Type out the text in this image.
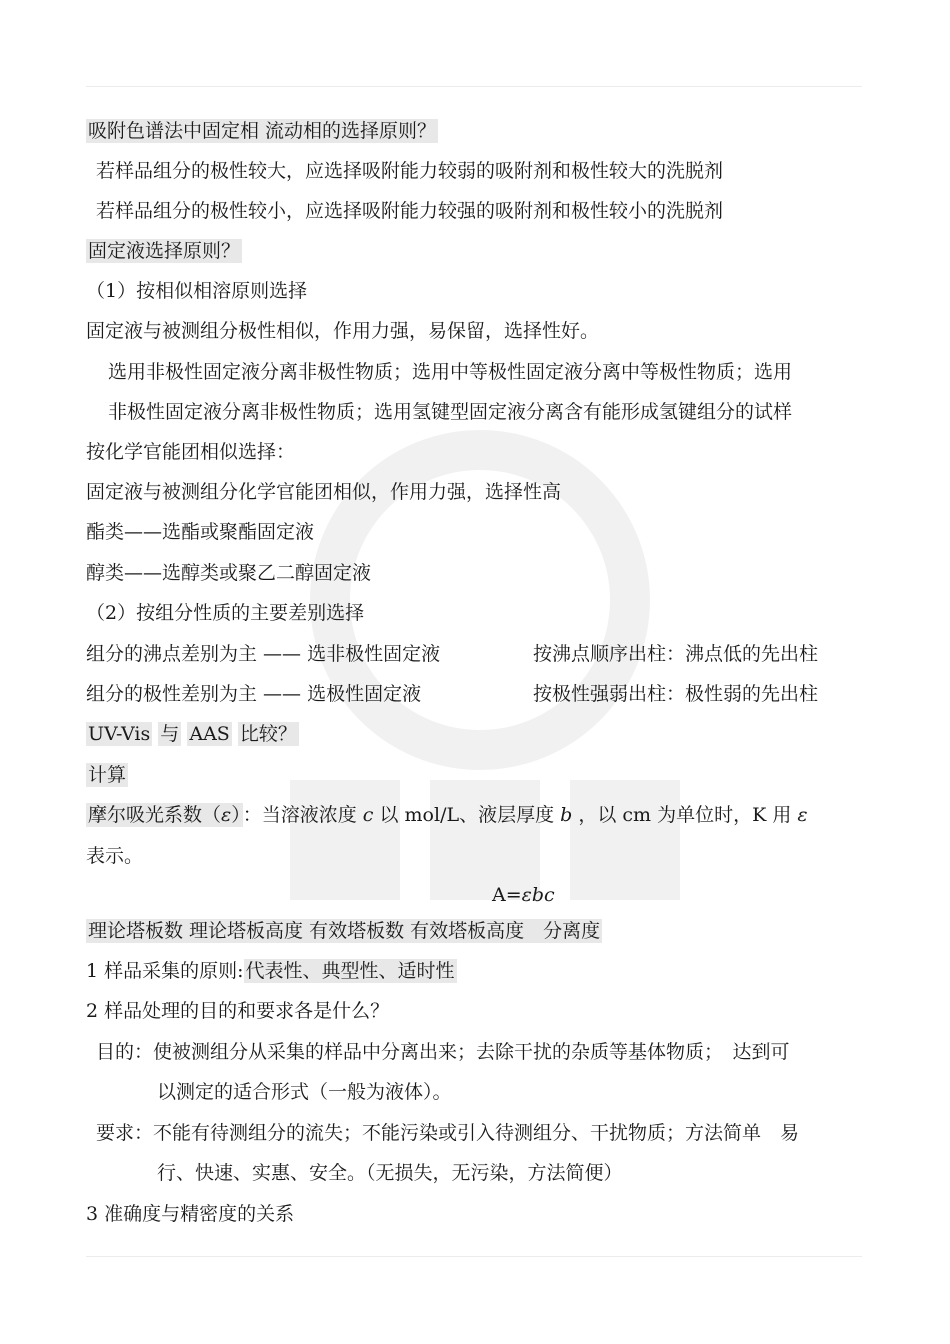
吸附色谱法中固定相 流动相的选择原则？
若样品组分的极性较大，应选择吸附能力较弱的吸附剂和极性较大的洗脱剂
若样品组分的极性较小，应选择吸附能力较强的吸附剂和极性较小的洗脱剂
固定液选择原则？
（1）按相似相溶原则选择
固定液与被测组分极性相似，作用力强，易保留，选择性好。
选用非极性固定液分离非极性物质；选用中等极性固定液分离中等极性物质；选用
非极性固定液分离非极性物质；选用氢键型固定液分离含有能形成氢键组分的试样
按化学官能团相似选择：
固定液与被测组分化学官能团相似，作用力强，选择性高
酯类——选酯或聚酯固定液
醇类——选醇类或聚乙二醇固定液
（2）按组分性质的主要差别选择
组分的沸点差别为主 —— 选非极性固定液	按沸点顺序出柱：沸点低的先出柱
组分的极性差别为主 —— 选极性固定液	按极性强弱出柱：极性弱的先出柱
UV-Vis 与 AAS 比较？
计算
摩尔吸光系数（ε） ：当溶液浓度 c 以 mol/L、液层厚度 b ，以 cm 为单位时，K 用 ε
表示。
A=εbc
理论塔板数 理论塔板高度 有效塔板数 有效塔板高度　分离度
1 样品采集的原则: 代表性、典型性、适时性
2 样品处理的目的和要求各是什么？
目的：使被测组分从采集的样品中分离出来；去除干扰的杂质等基体物质；　达到可
以测定的适合形式（一般为液体）。
要求：不能有待测组分的流失；不能污染或引入待测组分、干扰物质；方法简单　易
行、快速、实惠、安全。（无损失，无污染，方法简便）
3 准确度与精密度的关系
